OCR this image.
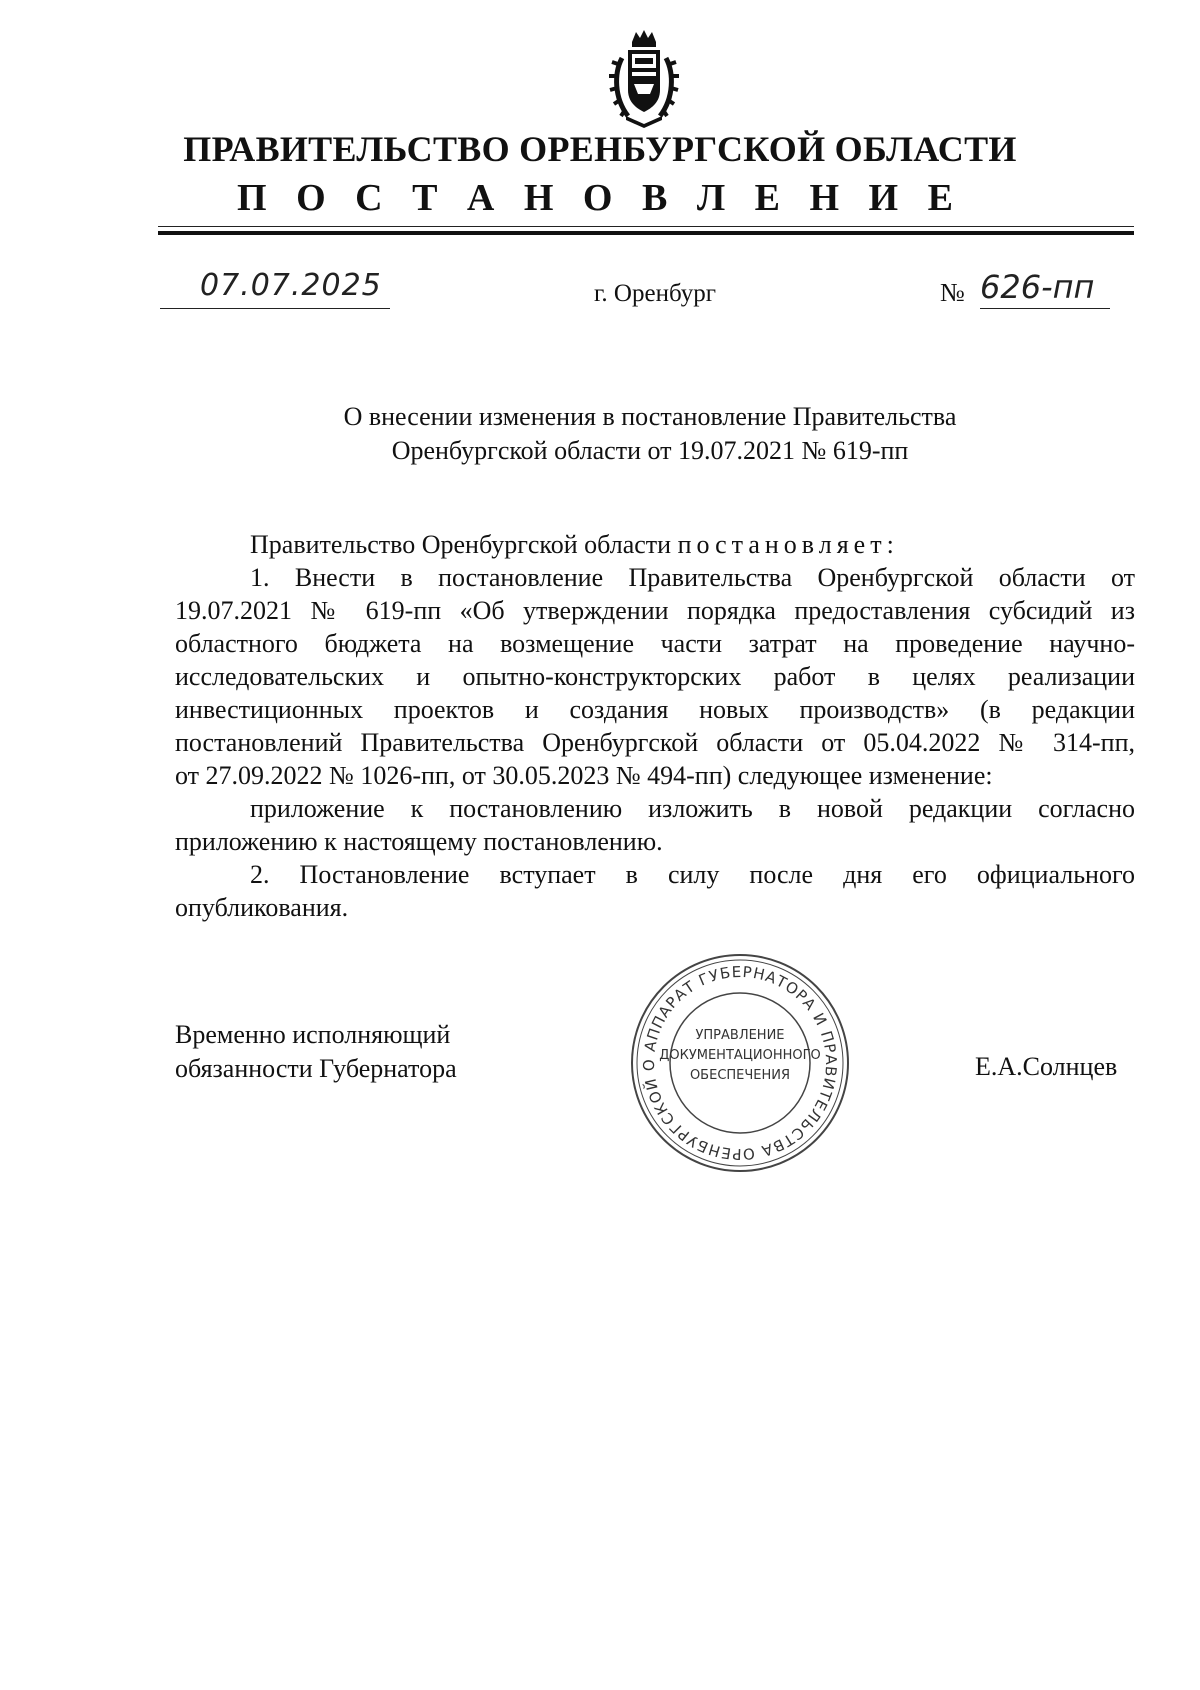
ПРАВИТЕЛЬСТВО ОРЕНБУРГСКОЙ ОБЛАСТИ
П О С Т А Н О В Л Е Н И Е
07.07.2025	г. Оренбург	№ 626-пп

О внесении изменения в постановление Правительства

Оренбургской области от 19.07.2021 № 619-пп

Правительство Оренбургской области постановляет:

1. Внести в постановление Правительства Оренбургской области от

19.07.2021 № 619-пп «Об утверждении порядка предоставления субсидий из

областного бюджета на возмещение части затрат на проведение научно-

исследовательских и опытно-конструкторских работ в целях реализации

инвестиционных проектов и создания новых производств» (в редакции

постановлений Правительства Оренбургской области от 05.04.2022 № 314-пп,

от 27.09.2022 № 1026-пп, от 30.05.2023 № 494-пп) следующее изменение:

приложение к постановлению изложить в новой редакции согласно

приложению к настоящему постановлению.

2. Постановление вступает в силу после дня его официального

опубликования.

Временно исполняющий

обязанности Губернатора	Е.А.Солнцев
АППАРАТ ГУБЕРНАТОРА И ПРАВИТЕЛЬСТВА ОРЕНБУРГСКОЙ О

УПРАВЛЕНИЕ

ДОКУМЕНТАЦИОННОГО

ОБЕСПЕЧЕНИЯ
